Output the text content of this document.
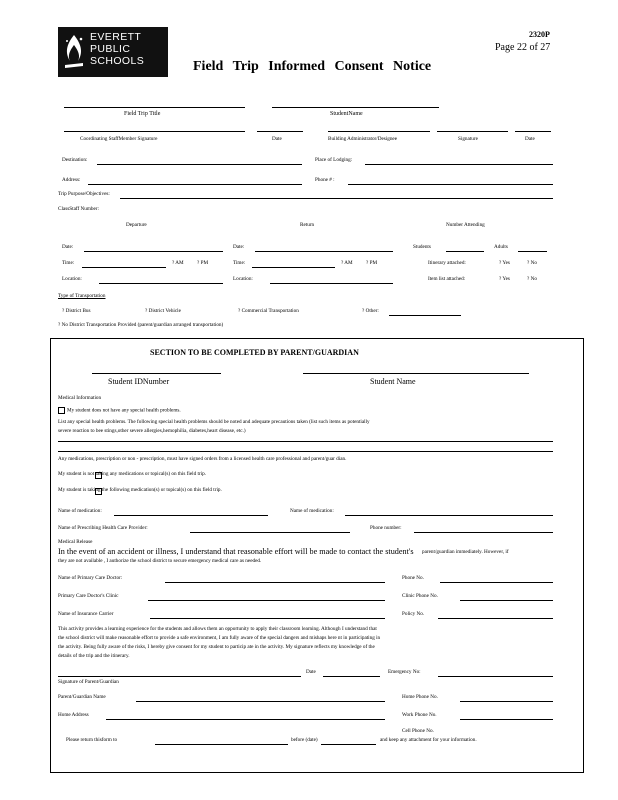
EVERETT
PUBLIC
SCHOOLS
2320P
Page 22 of 27
Field Trip Informed Consent Notice
Field Trip Title	StudentName
Coordinating StaffMember Signature	Date	Building Administrator/Designee	Signature	Date
Destination:	Place of Lodging:
Address:	Phone # :
Trip Purpose/Objectives:
ClassStaff Number:
Departure	Return	Number Attending
Date:	Date:	Students	Adults
Time:	? AM	? PM	Time:	? AM	? PM	Itinerary attached:	? Yes	? No
Location:	Location:	Item list attached:	? Yes	? No
Type of Transportation
? District Bus	? District Vehicle	? Commercial Transportation	? Other:
? No District Transportation Provided (parent/guardian arranged transportation)
SECTION TO BE COMPLETED BY PARENT/GUARDIAN
Student IDNumber	Student Name
Medical Information
My student does not have any special health problems.
List any special health problems. The following special health problems should be noted and adequate precautions taken (list such items as potentially
severe reaction to bee stings,other severe allergies,hemophilia, diabetes,heart disease, etc.)
Any medications, prescription or non - prescription, must have signed orders from a licensed health care professional and parent/guar dian.
My student is not taking any medications or topical(s) on this field trip.
My student is taking the following medication(s) or topical(s) on this field trip.
Name of medication:	Name of medication:
Name of Prescribing Health Care Provider:	Phone number:
Medical Release
In the event of an accident or illness, I understand that reasonable effort will be made to contact the student's parent/guardian immediately. However, if
they are not available , I authorize the school district to secure emergency medical care as needed.
Name of Primary Care Doctor:	Phone No.
Primary Care Doctor's Clinic	Clinic Phone No.
Name of Insurance Carrier	Policy No.
This activity provides a learning experience for the students and allows them an opportunity to apply their classroom learning. Although I understand that
the school district will make reasonable effort to provide a safe environment, I am fully aware of the special dangers and mishaps here nt in participating in
the activity. Being fully aware of the risks, I hereby give consent for my student to particip ate in the activity. My signature reflects my knowledge of the
details of the trip and the itinerary.
Date	Emergency No:
Signature of Parent/Guardian
Parent/Guardian Name	Home Phone No.
Home Address	Work Phone No.
Cell Phone No.
Please return thisform to	before (date)	and keep any attachment for your information.
